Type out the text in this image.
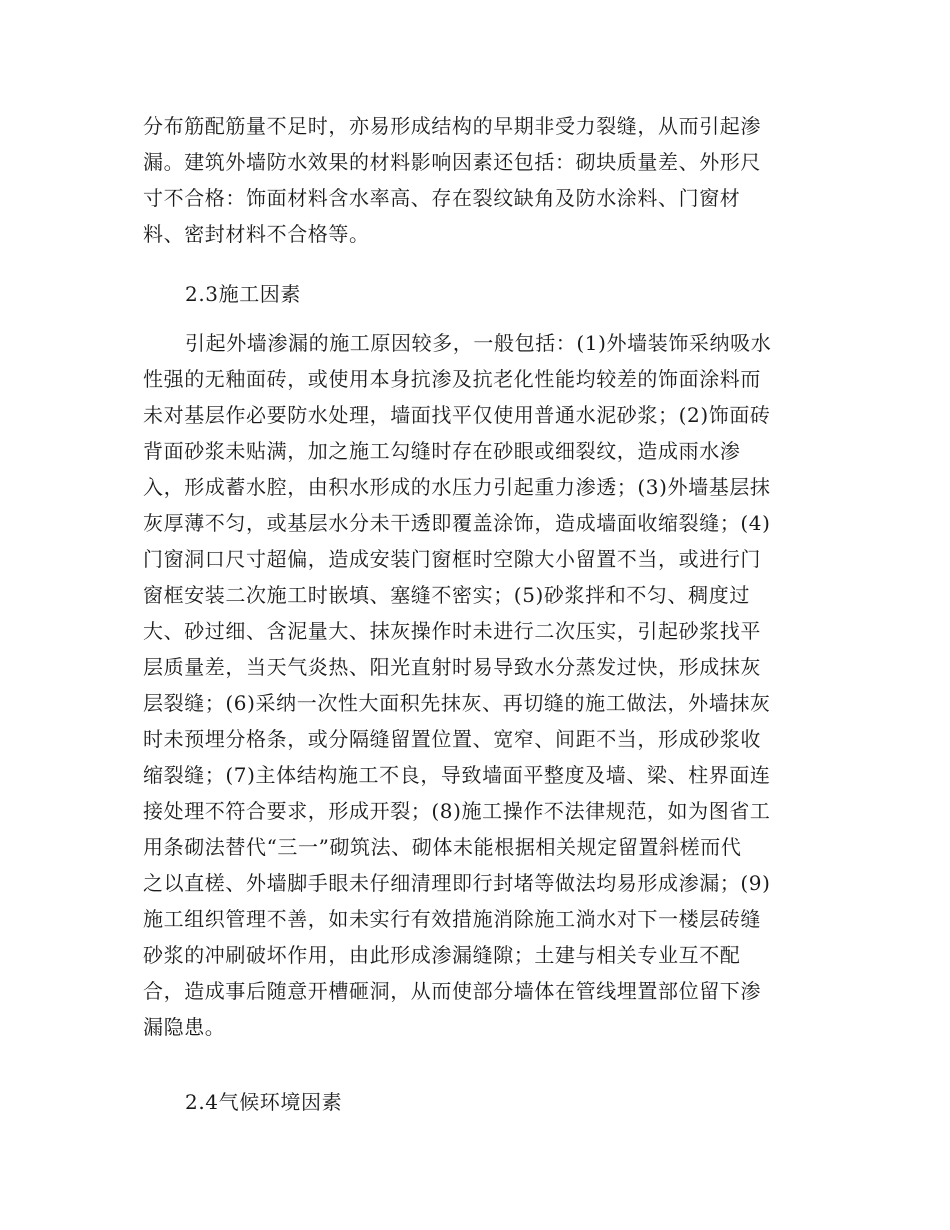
分布筋配筋量不足时，亦易形成结构的早期非受力裂缝，从而引起渗
漏。建筑外墙防水效果的材料影响因素还包括：砌块质量差、外形尺
寸不合格：饰面材料含水率高、存在裂纹缺角及防水涂料、门窗材
料、密封材料不合格等。
2.3施工因素
引起外墙渗漏的施工原因较多，一般包括：(1)外墙装饰采纳吸水
性强的无釉面砖，或使用本身抗渗及抗老化性能均较差的饰面涂料而
未对基层作必要防水处理，墙面找平仅使用普通水泥砂浆；(2)饰面砖
背面砂浆未贴满，加之施工勾缝时存在砂眼或细裂纹，造成雨水渗
入，形成蓄水腔，由积水形成的水压力引起重力渗透；(3)外墙基层抹
灰厚薄不匀，或基层水分未干透即覆盖涂饰，造成墙面收缩裂缝；(4)
门窗洞口尺寸超偏，造成安装门窗框时空隙大小留置不当，或进行门
窗框安装二次施工时嵌填、塞缝不密实；(5)砂浆拌和不匀、稠度过
大、砂过细、含泥量大、抹灰操作时未进行二次压实，引起砂浆找平
层质量差，当天气炎热、阳光直射时易导致水分蒸发过快，形成抹灰
层裂缝；(6)采纳一次性大面积先抹灰、再切缝的施工做法，外墙抹灰
时未预埋分格条，或分隔缝留置位置、宽窄、间距不当，形成砂浆收
缩裂缝；(7)主体结构施工不良，导致墙面平整度及墙、梁、柱界面连
接处理不符合要求，形成开裂；(8)施工操作不法律规范，如为图省工
用条砌法替代“三一”砌筑法、砌体未能根据相关规定留置斜槎而代
之以直槎、外墙脚手眼未仔细清理即行封堵等做法均易形成渗漏；(9)
施工组织管理不善，如未实行有效措施消除施工淌水对下一楼层砖缝
砂浆的冲刷破坏作用，由此形成渗漏缝隙；土建与相关专业互不配
合，造成事后随意开槽砸洞，从而使部分墙体在管线埋置部位留下渗
漏隐患。
2.4气候环境因素
